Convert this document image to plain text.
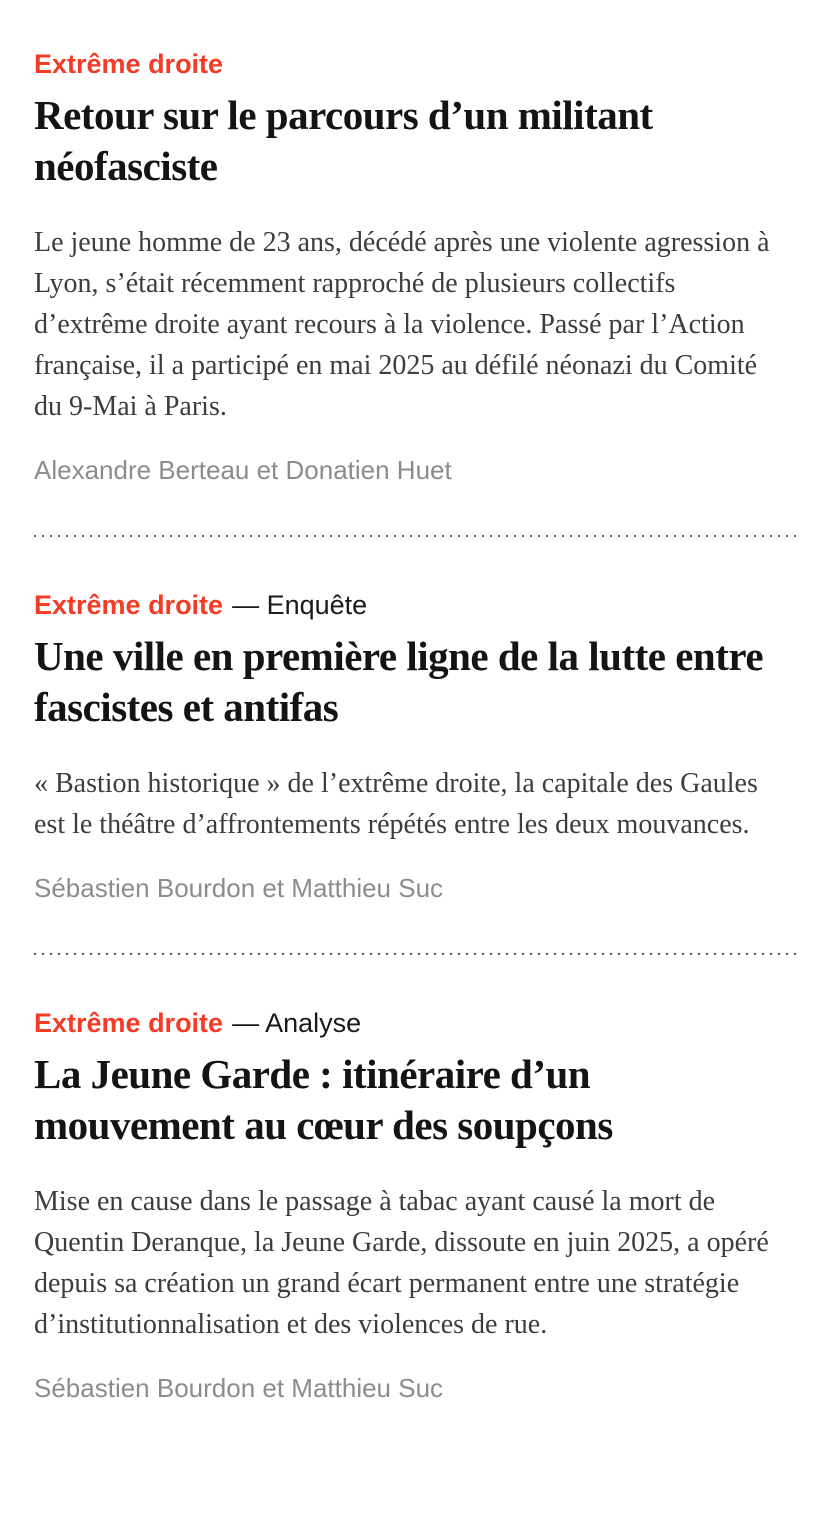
Extrême droite

Retour sur le parcours d’un militant néofasciste

Le jeune homme de 23 ans, décédé après une violente agression à Lyon, s’était récemment rapproché de plusieurs collectifs d’extrême droite ayant recours à la violence. Passé par l’Action française, il a participé en mai 2025 au défilé néonazi du Comité du 9-Mai à Paris.

Alexandre Berteau et Donatien Huet

Extrême droite — Enquête

Une ville en première ligne de la lutte entre fascistes et antifas

« Bastion historique » de l’extrême droite, la capitale des Gaules est le théâtre d’affrontements répétés entre les deux mouvances.

Sébastien Bourdon et Matthieu Suc

Extrême droite — Analyse

La Jeune Garde : itinéraire d’un mouvement au cœur des soupçons

Mise en cause dans le passage à tabac ayant causé la mort de Quentin Deranque, la Jeune Garde, dissoute en juin 2025, a opéré depuis sa création un grand écart permanent entre une stratégie d’institutionnalisation et des violences de rue.

Sébastien Bourdon et Matthieu Suc
